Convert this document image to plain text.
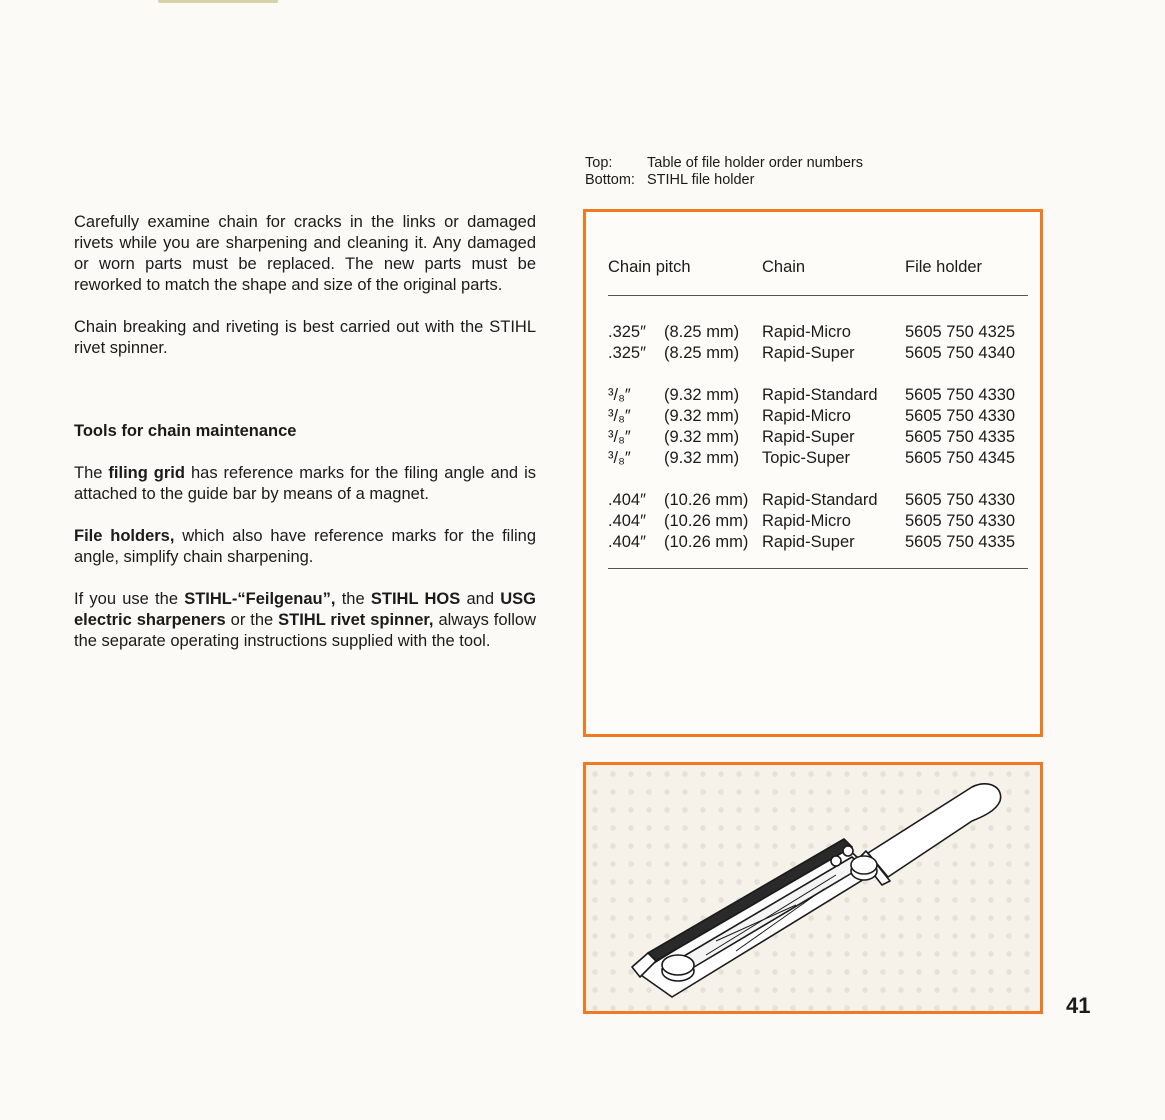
Carefully examine chain for cracks in the links or damaged rivets while you are sharpening and cleaning it. Any damaged or worn parts must be replaced. The new parts must be reworked to match the shape and size of the original parts.

Chain breaking and riveting is best carried out with the STIHL rivet spinner.

Tools for chain maintenance

The filing grid has reference marks for the filing angle and is attached to the guide bar by means of a magnet.

File holders, which also have reference marks for the filing angle, simplify chain sharpening.

If you use the STIHL-“Feilgenau”, the STIHL HOS and USG electric sharpeners or the STIHL rivet spinner, always follow the separate operating instructions supplied with the tool.

Top:	Table of file holder order numbers
Bottom: STIHL file holder
Chain pitch	Chain	File holder
.325″	(8.25 mm)	Rapid-Micro	5605 750 4325
.325″	(8.25 mm)	Rapid-Super	5605 750 4340
³/₈″	(9.32 mm)	Rapid-Standard	5605 750 4330
³/₈″	(9.32 mm)	Rapid-Micro	5605 750 4330
³/₈″	(9.32 mm)	Rapid-Super	5605 750 4335
³/₈″	(9.32 mm)	Topic-Super	5605 750 4345
.404″	(10.26 mm) Rapid-Standard	5605 750 4330
.404″	(10.26 mm) Rapid-Micro	5605 750 4330
.404″	(10.26 mm) Rapid-Super	5605 750 4335
41
